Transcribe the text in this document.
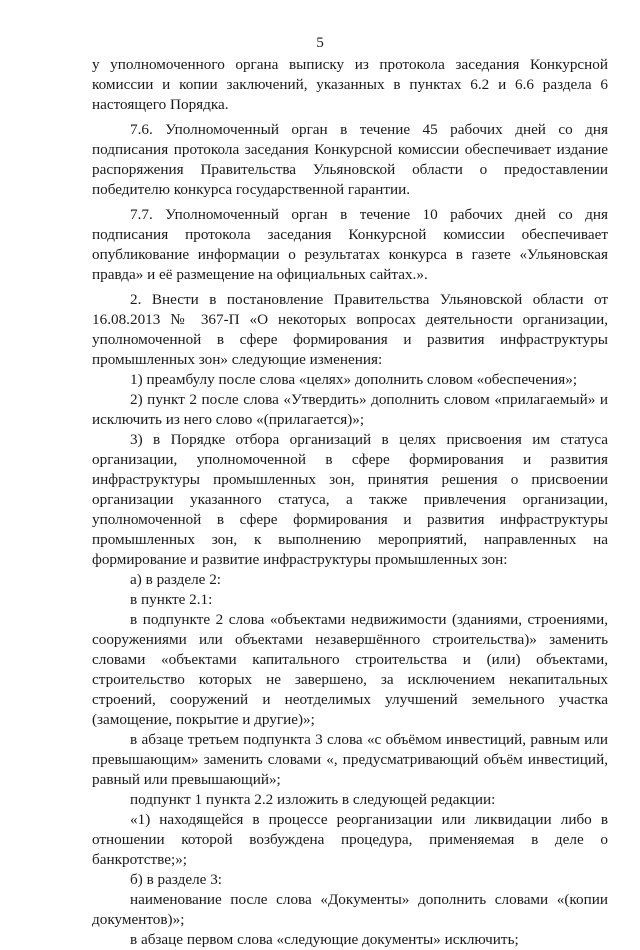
5

у уполномоченного органа выписку из протокола заседания Конкурсной комиссии и копии заключений, указанных в пунктах 6.2 и 6.6 раздела 6 настоящего Порядка.

7.6. Уполномоченный орган в течение 45 рабочих дней со дня подписания протокола заседания Конкурсной комиссии обеспечивает издание распоряжения Правительства Ульяновской области о предоставлении победителю конкурса государственной гарантии.

7.7. Уполномоченный орган в течение 10 рабочих дней со дня подписания протокола заседания Конкурсной комиссии обеспечивает опубликование информации о результатах конкурса в газете «Ульяновская правда» и её размещение на официальных сайтах.».

2. Внести в постановление Правительства Ульяновской области от 16.08.2013 № 367-П «О некоторых вопросах деятельности организации, уполномоченной в сфере формирования и развития инфраструктуры промышленных зон» следующие изменения:

1) преамбулу после слова «целях» дополнить словом «обеспечения»;

2) пункт 2 после слова «Утвердить» дополнить словом «прилагаемый» и исключить из него слово «(прилагается)»;

3) в Порядке отбора организаций в целях присвоения им статуса организации, уполномоченной в сфере формирования и развития инфраструктуры промышленных зон, принятия решения о присвоении организации указанного статуса, а также привлечения организации, уполномоченной в сфере формирования и развития инфраструктуры промышленных зон, к выполнению мероприятий, направленных на формирование и развитие инфраструктуры промышленных зон:

а) в разделе 2:

в пункте 2.1:

в подпункте 2 слова «объектами недвижимости (зданиями, строениями, сооружениями или объектами незавершённого строительства)» заменить словами «объектами капитального строительства и (или) объектами, строительство которых не завершено, за исключением некапитальных строений, сооружений и неотделимых улучшений земельного участка (замощение, покрытие и другие)»;

в абзаце третьем подпункта 3 слова «с объёмом инвестиций, равным или превышающим» заменить словами «, предусматривающий объём инвестиций, равный или превышающий»;

подпункт 1 пункта 2.2 изложить в следующей редакции:

«1) находящейся в процессе реорганизации или ликвидации либо в отношении которой возбуждена процедура, применяемая в деле о банкротстве;»;

б) в разделе 3:

наименование после слова «Документы» дополнить словами «(копии документов)»;

в абзаце первом слова «следующие документы» исключить;
